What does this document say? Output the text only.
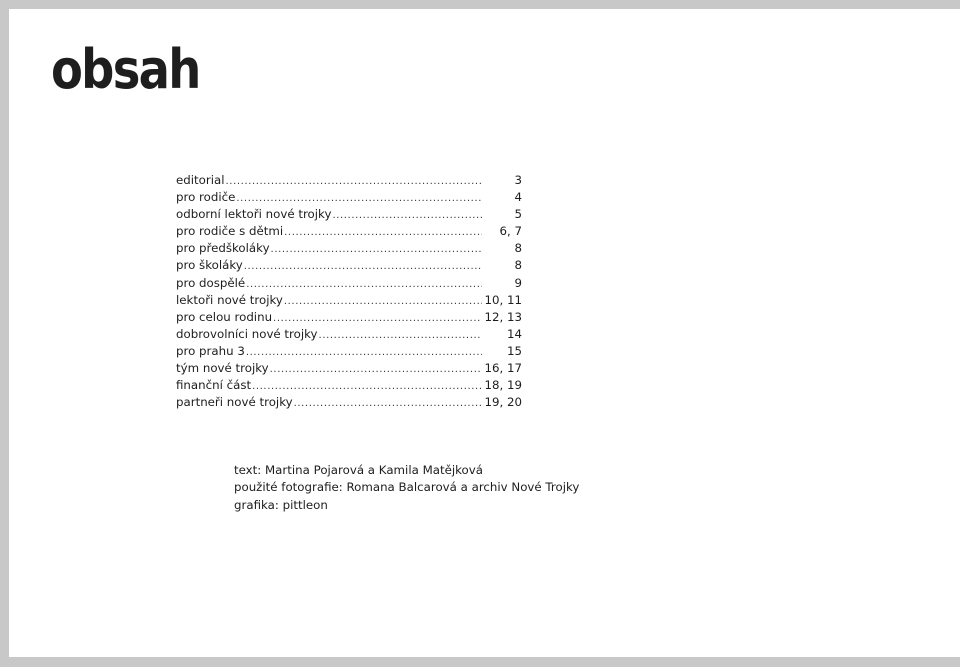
obsah
editorial .....	3
pro rodiče .....	4
odborní lektoři nové trojky .....	5
pro rodiče s dětmi .....	6, 7
pro předškoláky .....	8
pro školáky .....	8
pro dospělé .....	9
lektoři nové trojky .....	10, 11
pro celou rodinu .....	12, 13
dobrovolníci nové trojky .....	14
pro prahu 3 .....	15
tým nové trojky .....	16, 17
finanční část .....	18, 19
partneři nové trojky .....	19, 20
text: Martina Pojarová a Kamila Matějková
použité fotografie: Romana Balcarová a archiv Nové Trojky
grafika: pittleon
